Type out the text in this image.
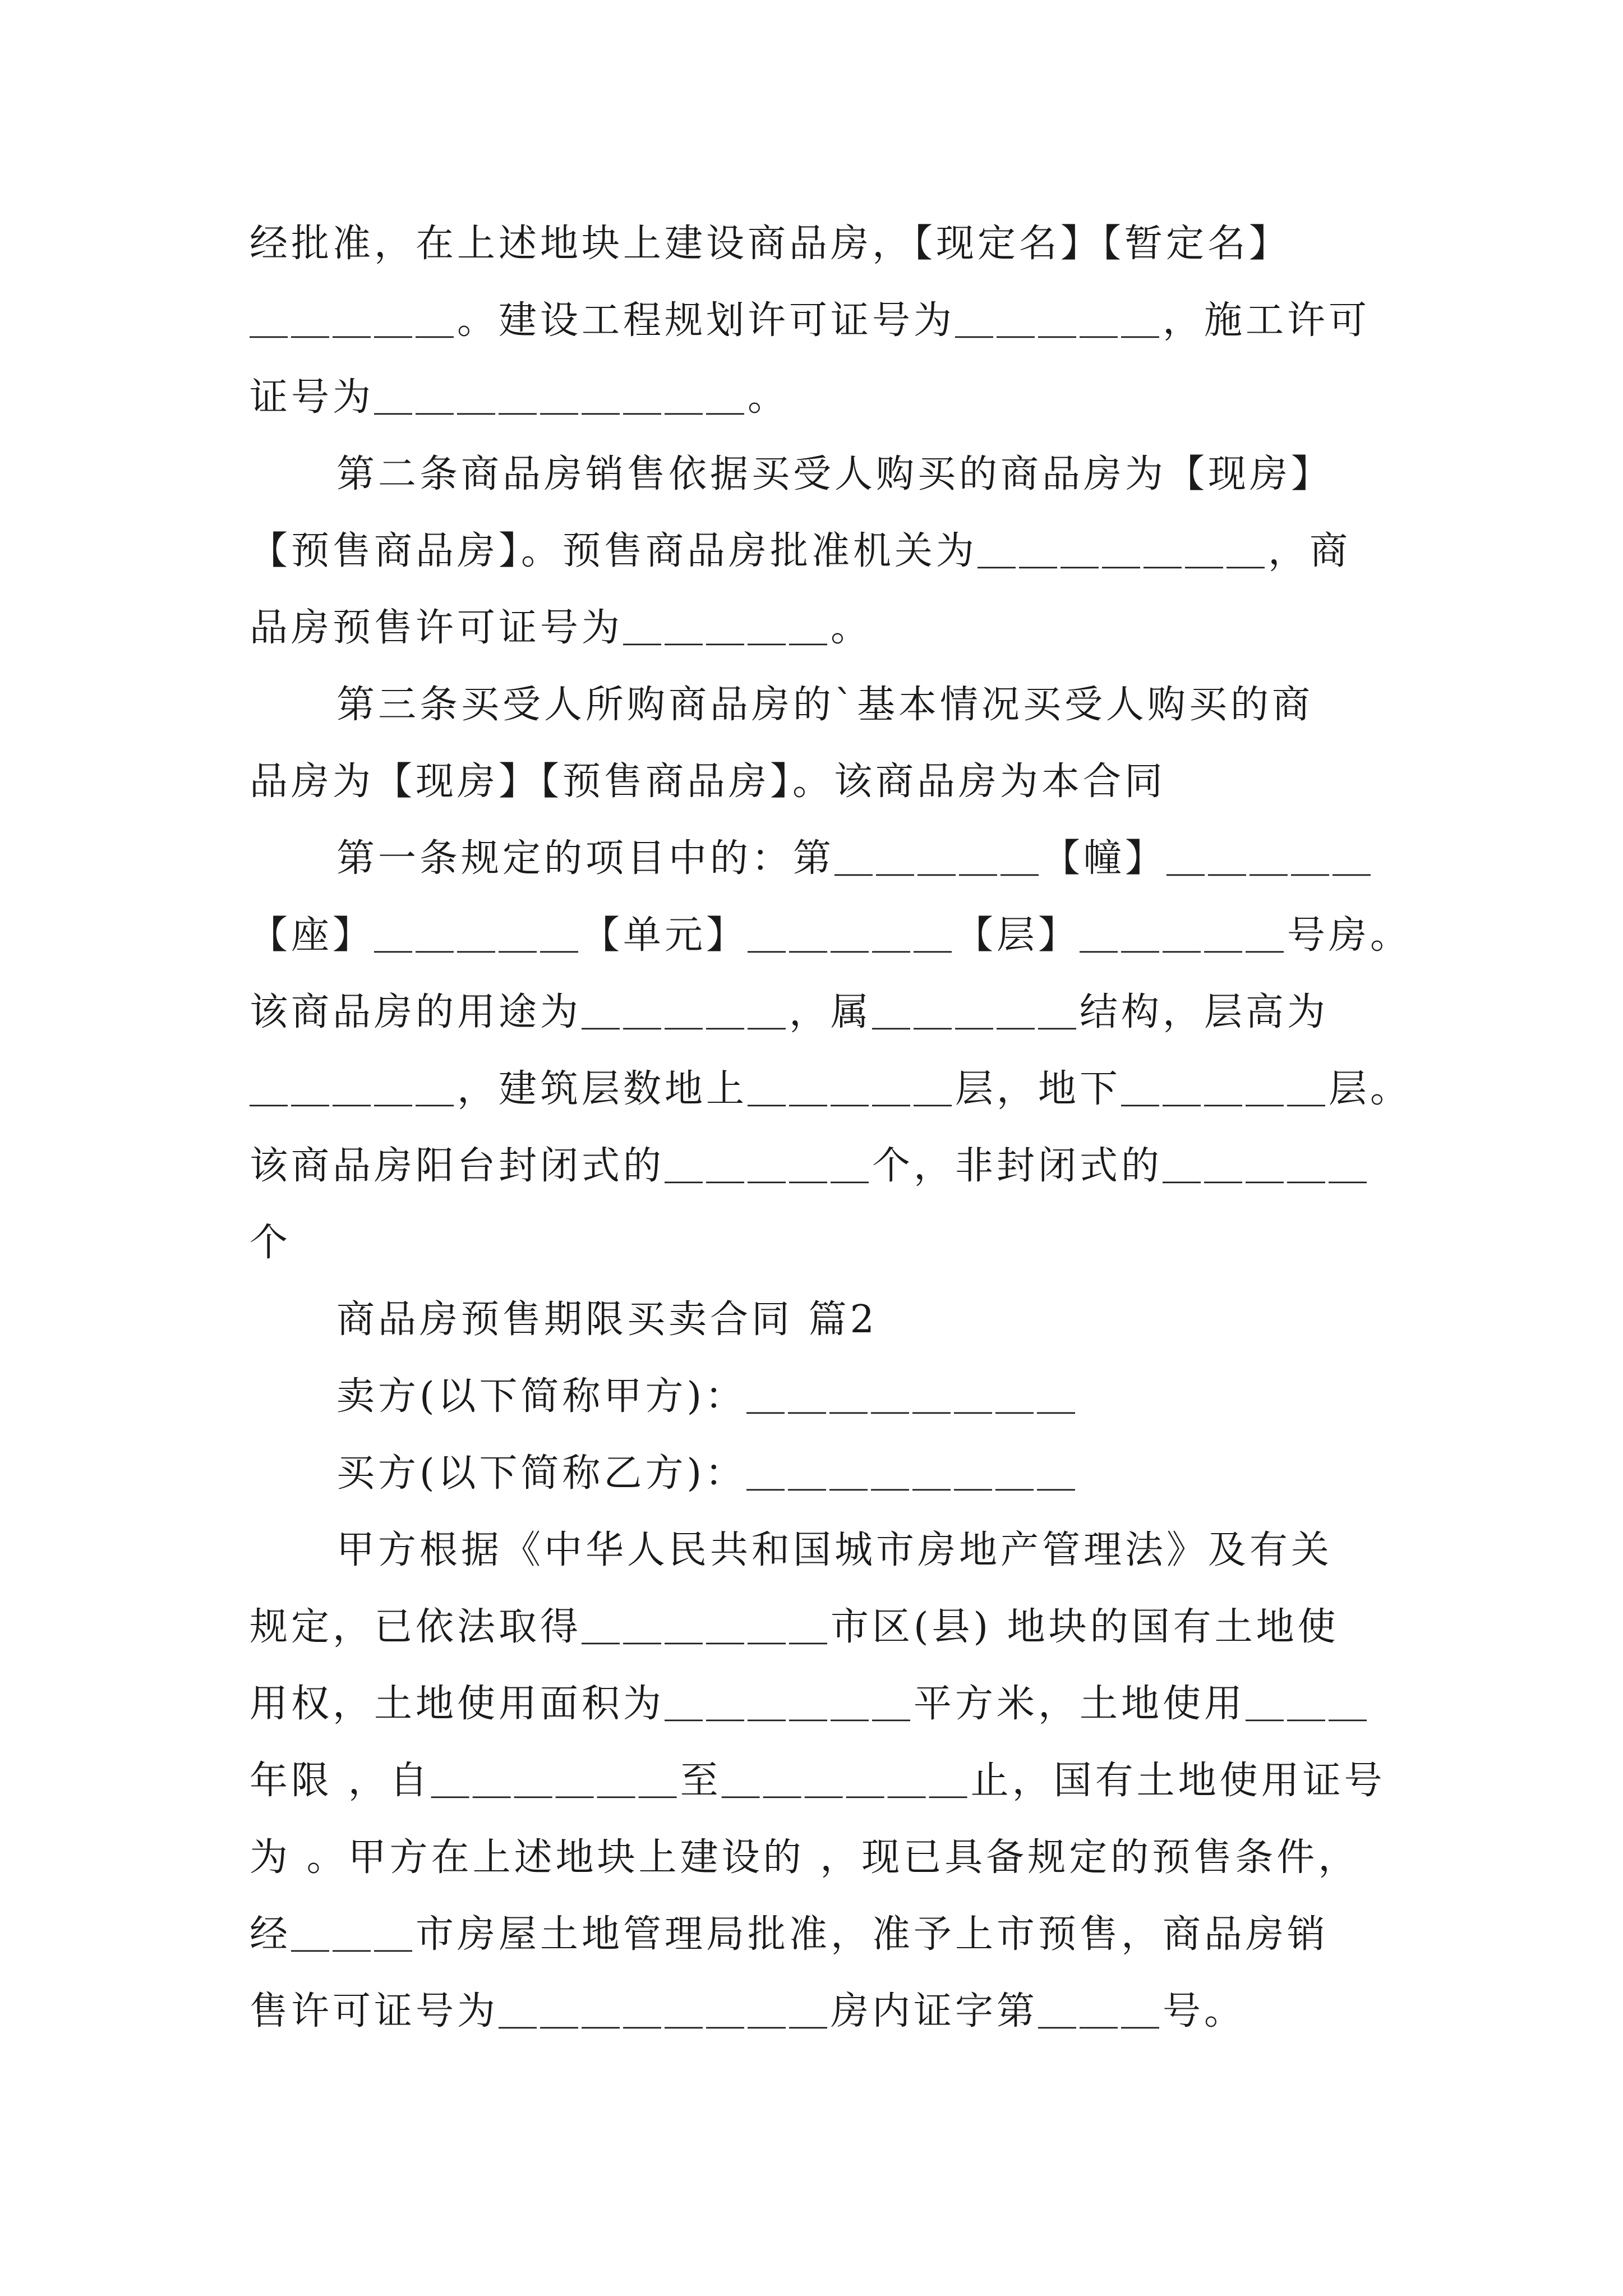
经批准，在上述地块上建设商品房，【现定名】【暂定名】
＿＿＿＿＿。建设工程规划许可证号为＿＿＿＿＿，施工许可
证号为＿＿＿＿＿＿＿＿＿。
第二条商品房销售依据买受人购买的商品房为【现房】
【预售商品房】。预售商品房批准机关为＿＿＿＿＿＿＿，商
品房预售许可证号为＿＿＿＿＿。
第三条买受人所购商品房的`基本情况买受人购买的商
品房为【现房】【预售商品房】。该商品房为本合同
第一条规定的项目中的：第＿＿＿＿＿【幢】＿＿＿＿＿
【座】＿＿＿＿＿【单元】＿＿＿＿＿【层】＿＿＿＿＿号房。
该商品房的用途为＿＿＿＿＿，属＿＿＿＿＿结构，层高为
＿＿＿＿＿，建筑层数地上＿＿＿＿＿层，地下＿＿＿＿＿层。
该商品房阳台封闭式的＿＿＿＿＿个，非封闭式的＿＿＿＿＿
个
商品房预售期限买卖合同 篇2
卖方(以下简称甲方)：＿＿＿＿＿＿＿＿
买方(以下简称乙方)：＿＿＿＿＿＿＿＿
甲方根据《中华人民共和国城市房地产管理法》及有关
规定，已依法取得＿＿＿＿＿＿市区(县) 地块的国有土地使
用权，土地使用面积为＿＿＿＿＿＿平方米，土地使用＿＿＿
年限 ，自＿＿＿＿＿＿至＿＿＿＿＿＿止，国有土地使用证号
为 。甲方在上述地块上建设的 ，现已具备规定的预售条件，
经＿＿＿市房屋土地管理局批准，准予上市预售，商品房销
售许可证号为＿＿＿＿＿＿＿＿房内证字第＿＿＿号。
